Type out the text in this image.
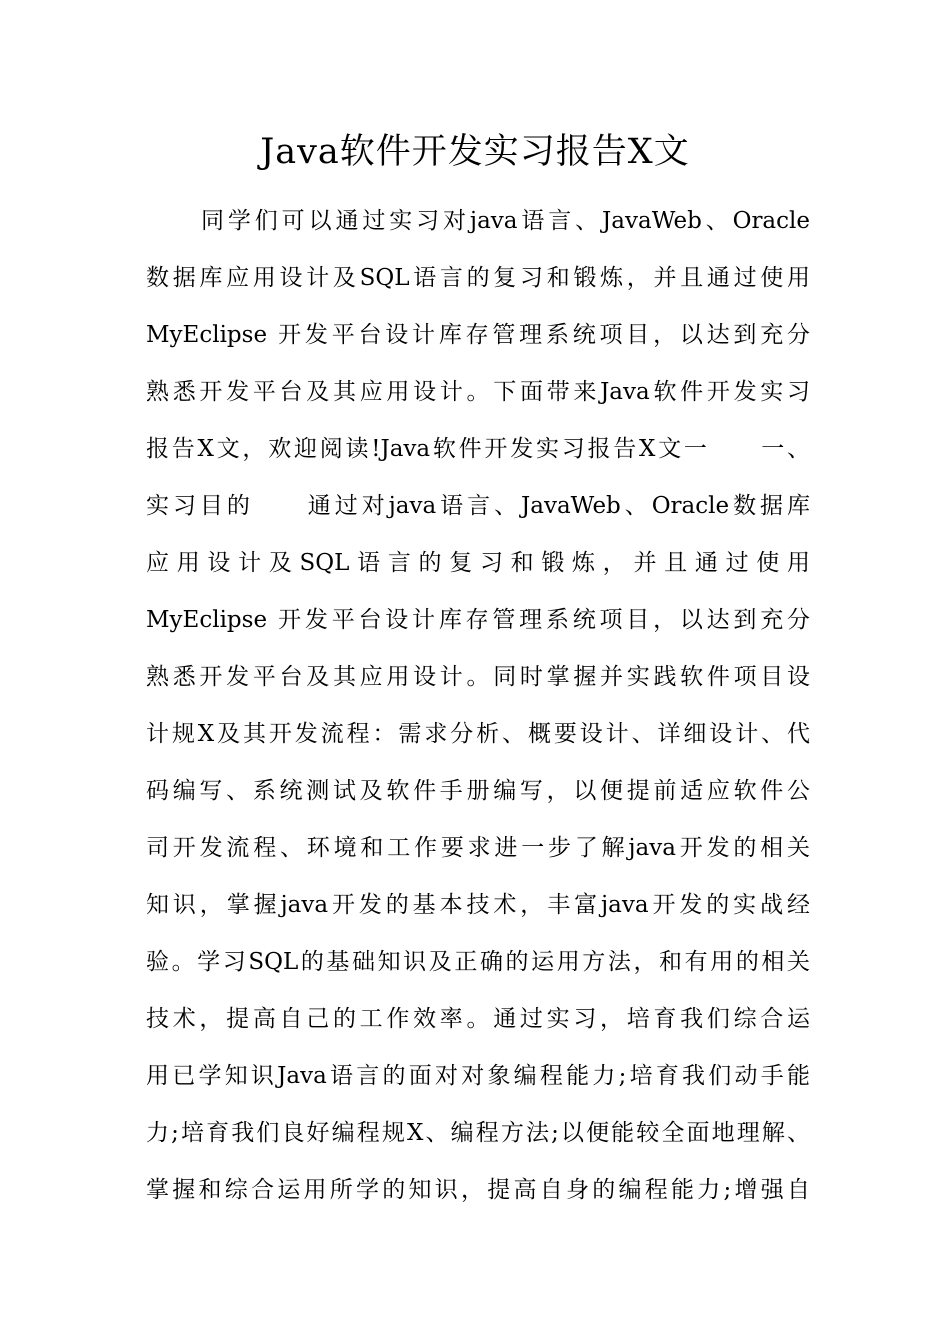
Java软件开发实习报告X文
同学们可以通过实习对java语言、JavaWeb、Oracle
数据库应用设计及SQL语言的复习和锻炼，并且通过使用
MyEclipse 开发平台设计库存管理系统项目，以达到充分
熟悉开发平台及其应用设计。下面带来Java软件开发实习
报告X文，欢迎阅读!Java软件开发实习报告X文一　　一、
实习目的　　通过对java语言、JavaWeb、Oracle数据库
应用设计及SQL语言的复习和锻炼，并且通过使用
MyEclipse 开发平台设计库存管理系统项目，以达到充分
熟悉开发平台及其应用设计。同时掌握并实践软件项目设
计规X及其开发流程：需求分析、概要设计、详细设计、代
码编写、系统测试及软件手册编写，以便提前适应软件公
司开发流程、环境和工作要求进一步了解java开发的相关
知识，掌握java开发的基本技术，丰富java开发的实战经
验。学习SQL的基础知识及正确的运用方法，和有用的相关
技术，提高自己的工作效率。通过实习，培育我们综合运
用已学知识Java语言的面对对象编程能力;培育我们动手能
力;培育我们良好编程规X、编程方法;以便能较全面地理解、
掌握和综合运用所学的知识，提高自身的编程能力;增强自
